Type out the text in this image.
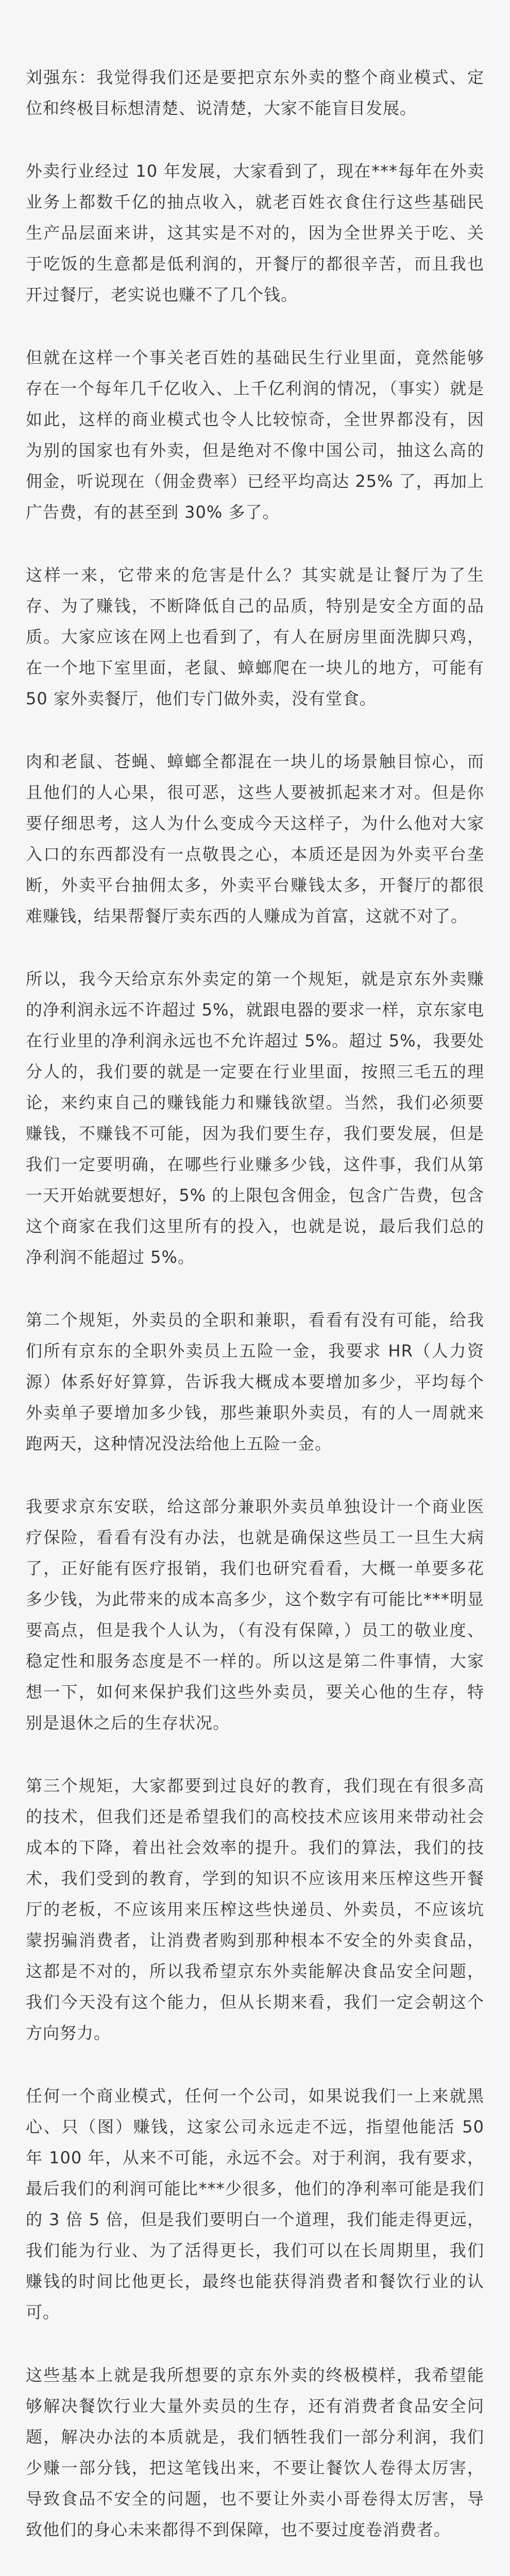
刘强东：我觉得我们还是要把京东外卖的整个商业模式、定位和终极目标想清楚、说清楚，大家不能盲目发展。

外卖行业经过 10 年发展，大家看到了，现在***每年在外卖业务上都数千亿的抽点收入，就老百姓衣食住行这些基础民生产品层面来讲，这其实是不对的，因为全世界关于吃、关于吃饭的生意都是低利润的，开餐厅的都很辛苦，而且我也开过餐厅，老实说也赚不了几个钱。

但就在这样一个事关老百姓的基础民生行业里面，竟然能够存在一个每年几千亿收入、上千亿利润的情况，（事实）就是如此，这样的商业模式也令人比较惊奇，全世界都没有，因为别的国家也有外卖，但是绝对不像中国公司，抽这么高的佣金，听说现在（佣金费率）已经平均高达 25% 了，再加上广告费，有的甚至到 30% 多了。

这样一来，它带来的危害是什么？其实就是让餐厅为了生存、为了赚钱，不断降低自己的品质，特别是安全方面的品质。大家应该在网上也看到了，有人在厨房里面洗脚只鸡，在一个地下室里面，老鼠、蟑螂爬在一块儿的地方，可能有 50 家外卖餐厅，他们专门做外卖，没有堂食。

肉和老鼠、苍蝇、蟑螂全都混在一块儿的场景触目惊心，而且他们的人心果，很可恶，这些人要被抓起来才对。但是你要仔细思考，这人为什么变成今天这样子，为什么他对大家入口的东西都没有一点敬畏之心，本质还是因为外卖平台垄断，外卖平台抽佣太多，外卖平台赚钱太多，开餐厅的都很难赚钱，结果帮餐厅卖东西的人赚成为首富，这就不对了。

所以，我今天给京东外卖定的第一个规矩，就是京东外卖赚的净利润永远不许超过 5%，就跟电器的要求一样，京东家电在行业里的净利润永远也不允许超过 5%。超过 5%，我要处分人的，我们要的就是一定要在行业里面，按照三毛五的理论，来约束自己的赚钱能力和赚钱欲望。当然，我们必须要赚钱，不赚钱不可能，因为我们要生存，我们要发展，但是我们一定要明确，在哪些行业赚多少钱，这件事，我们从第一天开始就要想好，5% 的上限包含佣金，包含广告费，包含这个商家在我们这里所有的投入，也就是说，最后我们总的净利润不能超过 5%。

第二个规矩，外卖员的全职和兼职，看看有没有可能，给我们所有京东的全职外卖员上五险一金，我要求 HR（人力资源）体系好好算算，告诉我大概成本要增加多少，平均每个外卖单子要增加多少钱，那些兼职外卖员，有的人一周就来跑两天，这种情况没法给他上五险一金。

我要求京东安联，给这部分兼职外卖员单独设计一个商业医疗保险，看看有没有办法，也就是确保这些员工一旦生大病了，正好能有医疗报销，我们也研究看看，大概一单要多花多少钱，为此带来的成本高多少，这个数字有可能比***明显要高点，但是我个人认为，（有没有保障，）员工的敬业度、稳定性和服务态度是不一样的。所以这是第二件事情，大家想一下，如何来保护我们这些外卖员，要关心他的生存，特别是退休之后的生存状况。

第三个规矩，大家都要到过良好的教育，我们现在有很多高的技术，但我们还是希望我们的高校技术应该用来带动社会成本的下降，着出社会效率的提升。我们的算法，我们的技术，我们受到的教育，学到的知识不应该用来压榨这些开餐厅的老板，不应该用来压榨这些快递员、外卖员，不应该坑蒙拐骗消费者，让消费者购到那种根本不安全的外卖食品，这都是不对的，所以我希望京东外卖能解决食品安全问题，我们今天没有这个能力，但从长期来看，我们一定会朝这个方向努力。

任何一个商业模式，任何一个公司，如果说我们一上来就黑心、只（图）赚钱，这家公司永远走不远，指望他能活 50 年 100 年，从来不可能，永远不会。对于利润，我有要求，最后我们的利润可能比***少很多，他们的净利率可能是我们的 3 倍 5 倍，但是我们要明白一个道理，我们能走得更远，我们能为行业、为了活得更长，我们可以在长周期里，我们赚钱的时间比他更长，最终也能获得消费者和餐饮行业的认可。

这些基本上就是我所想要的京东外卖的终极模样，我希望能够解决餐饮行业大量外卖员的生存，还有消费者食品安全问题，解决办法的本质就是，我们牺牲我们一部分利润，我们少赚一部分钱，把这笔钱出来，不要让餐饮人卷得太厉害，导致食品不安全的问题，也不要让外卖小哥卷得太厉害，导致他们的身心未来都得不到保障，也不要过度卷消费者。
